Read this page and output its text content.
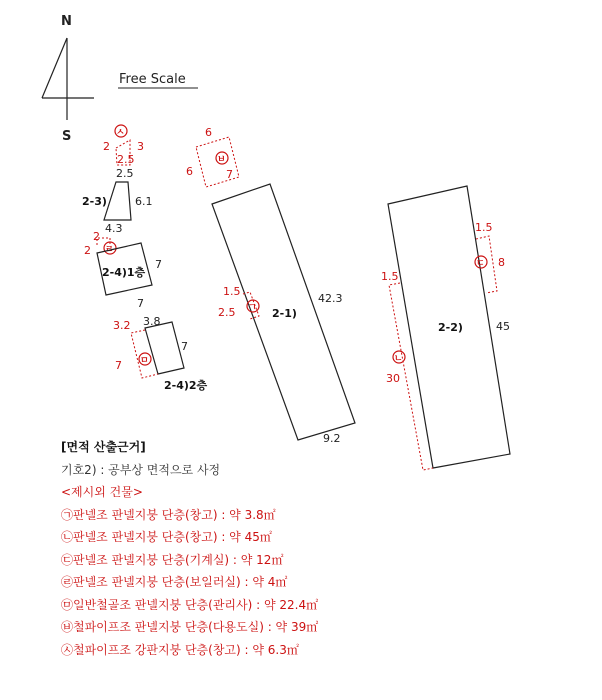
N
S
Free Scale
ㅅ
2 3
2.5
2.5
6.1
4.3
2-3)
ㄹ
2
2
2-4)1층
7
7
3.8
7
2-4)2층
ㅁ
3.2
7
ㅂ
6
6	7
2-1)
42.3
9.2
ㄱ
1.5
2.5
2-2)	45
ㄷ
1.5
8
ㄴ
1.5
30
[면적 산출근거]
기호2) : 공부상 면적으로 사정
<제시외 건물>
㉠판넬조 판넬지붕 단층(창고) : 약 3.8㎡
㉡판넬조 판넬지붕 단층(창고) : 약 45㎡
㉢판넬조 판넬지붕 단층(기계실) : 약 12㎡
㉣판넬조 판넬지붕 단층(보일러실) : 약 4㎡
㉤일반철골조 판넬지붕 단층(관리사) : 약 22.4㎡
㉥철파이프조 판넬지붕 단층(다용도실) : 약 39㎡
㉦철파이프조 강판지붕 단층(창고) : 약 6.3㎡
